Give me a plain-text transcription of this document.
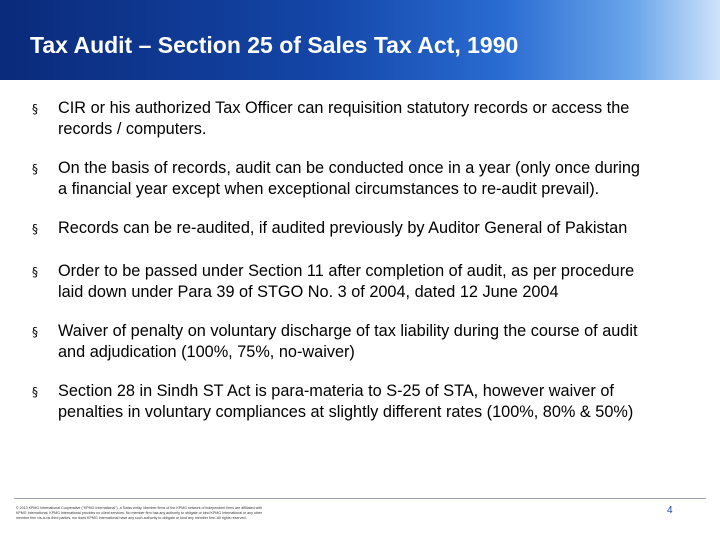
Tax Audit – Section 25 of Sales Tax Act, 1990
§	CIR or his authorized Tax Officer can requisition statutory records or access the
records / computers.
§	On the basis of records, audit can be conducted once in a year (only once during
a financial year except when exceptional circumstances to re-audit prevail).
§	Records can be re-audited, if audited previously by Auditor General of Pakistan
§	Order to be passed under Section 11 after completion of audit, as per procedure
laid down under Para 39 of STGO No. 3 of 2004, dated 12 June 2004
§	Waiver of penalty on voluntary discharge of tax liability during the course of audit
and adjudication (100%, 75%, no-waiver)
§	Section 28 in Sindh ST Act is para-materia to S-25 of STA, however waiver of
penalties in voluntary compliances at slightly different rates (100%, 80% & 50%)
© 2013 KPMG International Cooperative ("KPMG International"), a Swiss entity. Member firms of the KPMG network of independent firms are affiliated with KPMG International. KPMG International provides no client services. No member firm has any authority to obligate or bind KPMG International or any other member firm vis-à-vis third parties, nor does KPMG International have any such authority to obligate or bind any member firm. All rights reserved.
4
